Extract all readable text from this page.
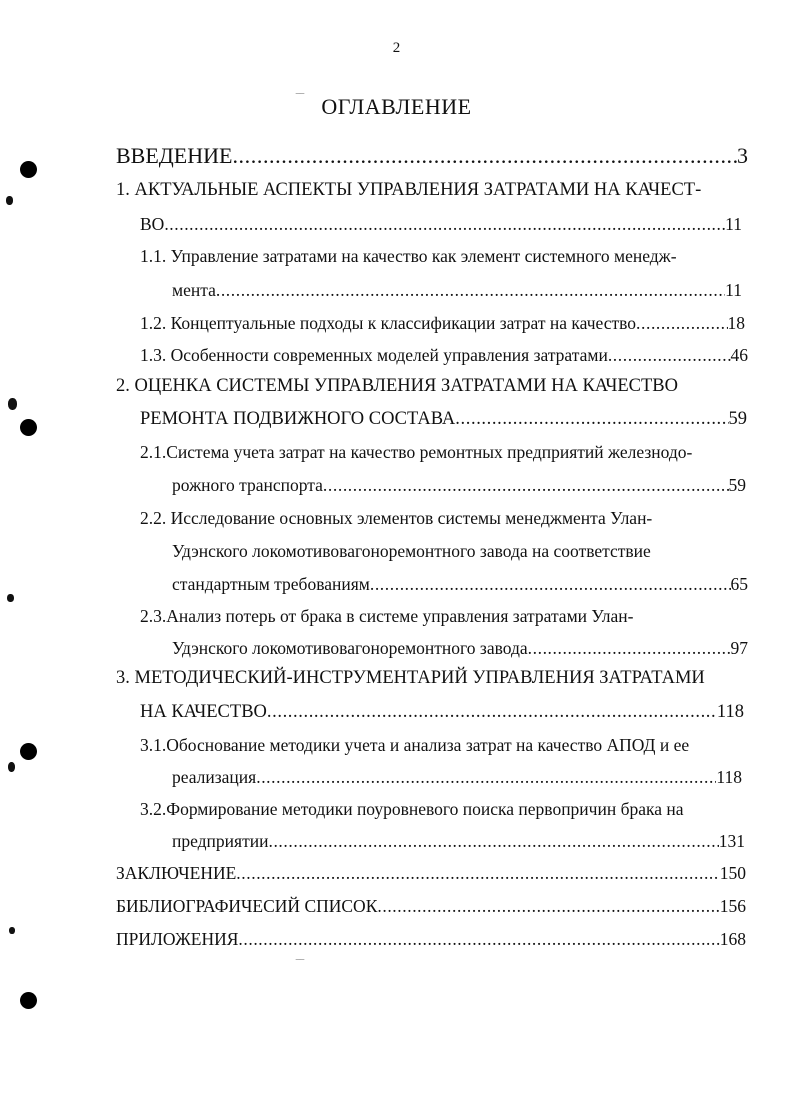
2
‾‾ ОГЛАВЛЕНИЕ
ВВЕДЕНИЕ .....	3
1. АКТУАЛЬНЫЕ АСПЕКТЫ УПРАВЛЕНИЯ ЗАТРАТАМИ НА КАЧЕСТ-
ВО .....	11
1.1. Управление затратами на качество как элемент системного менедж-
мента .....	11
1.2. Концептуальные подходы к классификации затрат на качество .....	18
1.3. Особенности современных моделей управления затратами .....	46
2. ОЦЕНКА СИСТЕМЫ УПРАВЛЕНИЯ ЗАТРАТАМИ НА КАЧЕСТВО
РЕМОНТА ПОДВИЖНОГО СОСТАВА .....	59
2.1.Система учета затрат на качество ремонтных предприятий железнодо-
рожного транспорта .....	59
2.2. Исследование основных элементов системы менеджмента Улан-
Удэнского локомотивовагоноремонтного завода на соответствие
стандартным требованиям .....	65
2.3.Анализ потерь от брака в системе управления затратами Улан-
Удэнского локомотивовагоноремонтного завода .....	97
3. МЕТОДИЧЕСКИЙ-ИНСТРУМЕНТАРИЙ УПРАВЛЕНИЯ ЗАТРАТАМИ
НА КАЧЕСТВО .....	118
3.1.Обоснование методики учета и анализа затрат на качество АПОД и ее
реализация .....	118
3.2.Формирование методики поуровневого поиска первопричин брака на
предприятии .....	131
ЗАКЛЮЧЕНИЕ .....	150
БИБЛИОГРАФИЧЕСИЙ СПИСОК .....	156
ПРИЛОЖЕНИЯ .....	168
‾‾
